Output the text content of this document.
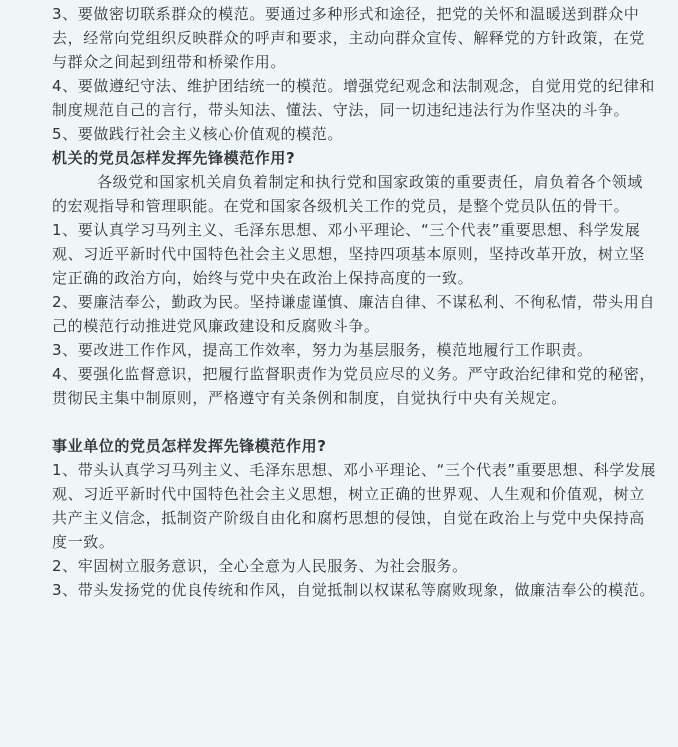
3、要做密切联系群众的模范。要通过多种形式和途径，把党的关怀和温暖送到群众中去，经常向党组织反映群众的呼声和要求，主动向群众宣传、解释党的方针政策，在党与群众之间起到纽带和桥梁作用。

4、要做遵纪守法、维护团结统一的模范。增强党纪观念和法制观念，自觉用党的纪律和制度规范自己的言行，带头知法、懂法、守法，同一切违纪违法行为作坚决的斗争。

5、要做践行社会主义核心价值观的模范。

机关的党员怎样发挥先锋模范作用?

各级党和国家机关肩负着制定和执行党和国家政策的重要责任，肩负着各个领域的宏观指导和管理职能。在党和国家各级机关工作的党员，是整个党员队伍的骨干。

1、要认真学习马列主义、毛泽东思想、邓小平理论、“三个代表”重要思想、科学发展观、习近平新时代中国特色社会主义思想，坚持四项基本原则，坚持改革开放，树立坚定正确的政治方向，始终与党中央在政治上保持高度的一致。

2、要廉洁奉公，勤政为民。坚持谦虚谨慎、廉洁自律、不谋私利、不徇私情，带头用自己的模范行动推进党风廉政建设和反腐败斗争。

3、要改进工作作风，提高工作效率，努力为基层服务，模范地履行工作职责。

4、要强化监督意识，把履行监督职责作为党员应尽的义务。严守政治纪律和党的秘密，贯彻民主集中制原则，严格遵守有关条例和制度，自觉执行中央有关规定。

事业单位的党员怎样发挥先锋模范作用?

1、带头认真学习马列主义、毛泽东思想、邓小平理论、“三个代表”重要思想、科学发展观、习近平新时代中国特色社会主义思想，树立正确的世界观、人生观和价值观，树立共产主义信念，抵制资产阶级自由化和腐朽思想的侵蚀，自觉在政治上与党中央保持高度一致。

2、牢固树立服务意识，全心全意为人民服务、为社会服务。

3、带头发扬党的优良传统和作风，自觉抵制以权谋私等腐败现象，做廉洁奉公的模范。
